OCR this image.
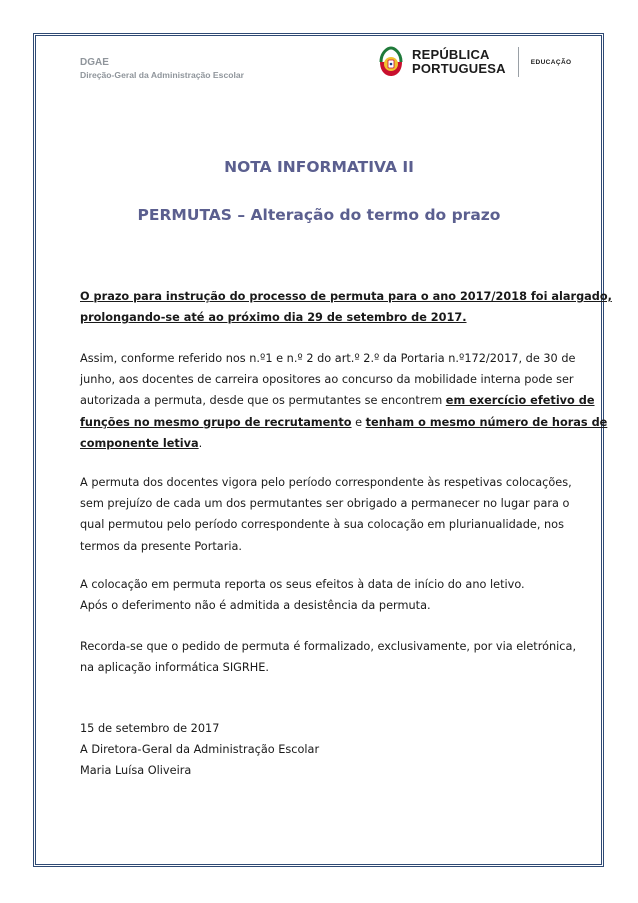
DGAE
Direção-Geral da Administração Escolar
REPÚBLICA
PORTUGUESA	EDUCAÇÃO
NOTA INFORMATIVA II
PERMUTAS – Alteração do termo do prazo
O prazo para instrução do processo de permuta para o ano 2017/2018 foi alargado,
prolongando-se até ao próximo dia 29 de setembro de 2017.
Assim, conforme referido nos n.º1 e n.º 2 do art.º 2.º da Portaria n.º172/2017, de 30 de
junho, aos docentes de carreira opositores ao concurso da mobilidade interna pode ser
autorizada a permuta, desde que os permutantes se encontrem em exercício efetivo de
funções no mesmo grupo de recrutamento e tenham o mesmo número de horas de
componente letiva.
A permuta dos docentes vigora pelo período correspondente às respetivas colocações,
sem prejuízo de cada um dos permutantes ser obrigado a permanecer no lugar para o
qual permutou pelo período correspondente à sua colocação em plurianualidade, nos
termos da presente Portaria.
A colocação em permuta reporta os seus efeitos à data de início do ano letivo.
Após o deferimento não é admitida a desistência da permuta.
Recorda-se que o pedido de permuta é formalizado, exclusivamente, por via eletrónica,
na aplicação informática SIGRHE.
15 de setembro de 2017
A Diretora-Geral da Administração Escolar
Maria Luísa Oliveira
